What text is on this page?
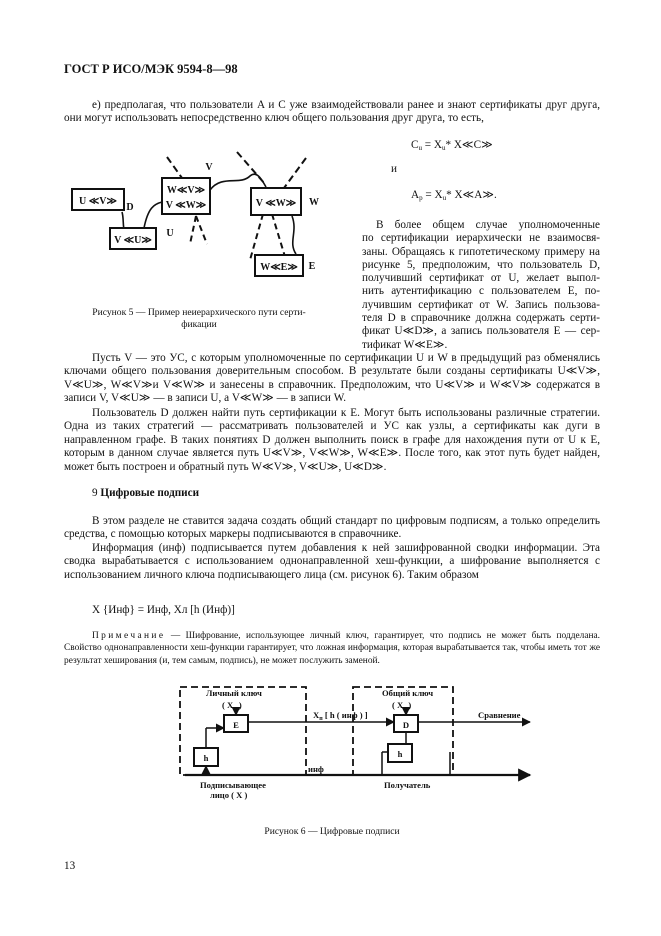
ГОСТ Р ИСО/МЭК 9594-8—98
е) предполагая, что пользователи A и C уже взаимодействовали ранее и знают сертификаты друг друга, они могут использовать непосредственно ключ общего пользования друг друга, то есть,
U ≪V≫
V ≪U≫
W≪V≫
V ≪W≫	V ≪W≫
W≪E≫
D
U
V
W
E
Рисунок 5 — Пример неиерархического пути серти-
фикации
$C_u = X_u*$ X≪C≫
и
$A_p = X_u*$ X≪A≫.
В более общем случае уполномоченные
по сертификации иерархически не взаимосвя-
заны. Обращаясь к гипотетическому примеру на
рисунке 5, предположим, что пользователь D,
получивший сертификат от U, желает выпол-
нить аутентификацию с пользователем E, по-
лучившим сертификат от W. Запись пользова-
теля D в справочнике должна содержать серти-
фикат U≪D≫, а запись пользователя E — сер-
тификат W≪E≫.
Пусть V — это УС, с которым уполномоченные по сертификации U и W в предыдущий раз обменялись ключами общего пользования доверительным способом. В результате были созданы сертификаты U≪V≫, V≪U≫, W≪V≫и V≪W≫ и занесены в справочник. Предположим, что U≪V≫ и W≪V≫ содержатся в записи V, V≪U≫ — в записи U, а V≪W≫ — в записи W.
Пользователь D должен найти путь сертификации к E. Могут быть использованы различные стратегии. Одна из таких стратегий — рассматривать пользователей и УС как узлы, а сертификаты как дуги в направленном графе. В таких понятиях D должен выполнить поиск в графе для нахождения пути от U к E, которым в данном случае является путь U≪V≫, V≪W≫, W≪E≫. После того, как этот путь будет найден, может быть построен и обратный путь W≪V≫, V≪U≫, U≪D≫.
9 Цифровые подписи
В этом разделе не ставится задача создать общий стандарт по цифровым подписям, а только определить средства, с помощью которых маркеры подписываются в справочнике.
Информация (инф) подписывается путем добавления к ней зашифрованной сводки информации. Эта сводка вырабатывается с использованием однонаправленной хеш-функции, а шифрование выполняется с использованием личного ключа подписывающего лица (см. рисунок 6). Таким образом
X {Инф} = Инф, Xл [h (Инф)]
Примечание — Шифрование, использующее личный ключ, гарантирует, что подпись не может быть подделана. Свойство однонаправленности хеш-функции гарантирует, что ложная информация, которая вырабатывается так, чтобы иметь тот же результат хеширования (и, тем самым, подпись), не может послужить заменой.
Личный ключ
( $X_п$ )
Общий ключ
( $X_о$ )
E	D
h	h
$X_п$ [ h ( инф ) ]
инф
Сравнение
Подписывающее
лицо ( X )
Получатель
Рисунок 6 — Цифровые подписи
13
